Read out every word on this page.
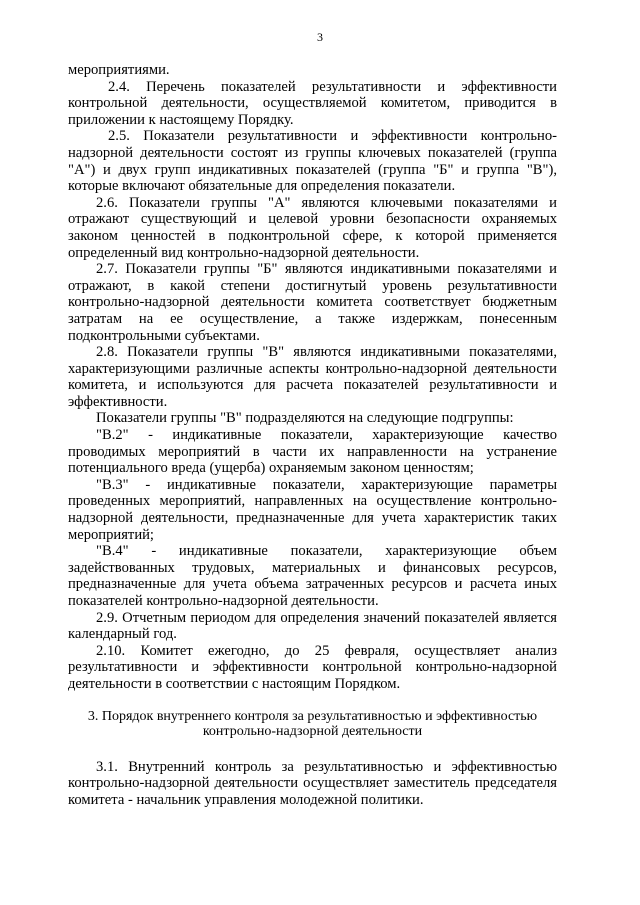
3

мероприятиями.

2.4. Перечень показателей результативности и эффективности контрольной деятельности, осуществляемой комитетом, приводится в приложении к настоящему Порядку.

2.5. Показатели результативности и эффективности контрольно-надзорной деятельности состоят из группы ключевых показателей (группа "А") и двух групп индикативных показателей (группа "Б" и группа "В"), которые включают обязательные для определения показатели.

2.6. Показатели группы "А" являются ключевыми показателями и отражают существующий и целевой уровни безопасности охраняемых законом ценностей в подконтрольной сфере, к которой применяется определенный вид контрольно-надзорной деятельности.

2.7. Показатели группы "Б" являются индикативными показателями и отражают, в какой степени достигнутый уровень результативности контрольно-надзорной деятельности комитета соответствует бюджетным затратам на ее осуществление, а также издержкам, понесенным подконтрольными субъектами.

2.8. Показатели группы "В" являются индикативными показателями, характеризующими различные аспекты контрольно-надзорной деятельности комитета, и используются для расчета показателей результативности и эффективности.

Показатели группы "В" подразделяются на следующие подгруппы:

"В.2" - индикативные показатели, характеризующие качество проводимых мероприятий в части их направленности на устранение потенциального вреда (ущерба) охраняемым законом ценностям;

"В.3" - индикативные показатели, характеризующие параметры проведенных мероприятий, направленных на осуществление контрольно-надзорной деятельности, предназначенные для учета характеристик таких мероприятий;

"В.4" - индикативные показатели, характеризующие объем задействованных трудовых, материальных и финансовых ресурсов, предназначенные для учета объема затраченных ресурсов и расчета иных показателей контрольно-надзорной деятельности.

2.9. Отчетным периодом для определения значений показателей является календарный год.

2.10. Комитет ежегодно, до 25 февраля, осуществляет анализ результативности и эффективности контрольной контрольно-надзорной деятельности в соответствии с настоящим Порядком.

3. Порядок внутреннего контроля за результативностью и эффективностью
контрольно-надзорной деятельности

3.1. Внутренний контроль за результативностью и эффективностью контрольно-надзорной деятельности осуществляет заместитель председателя комитета - начальник управления молодежной политики.
